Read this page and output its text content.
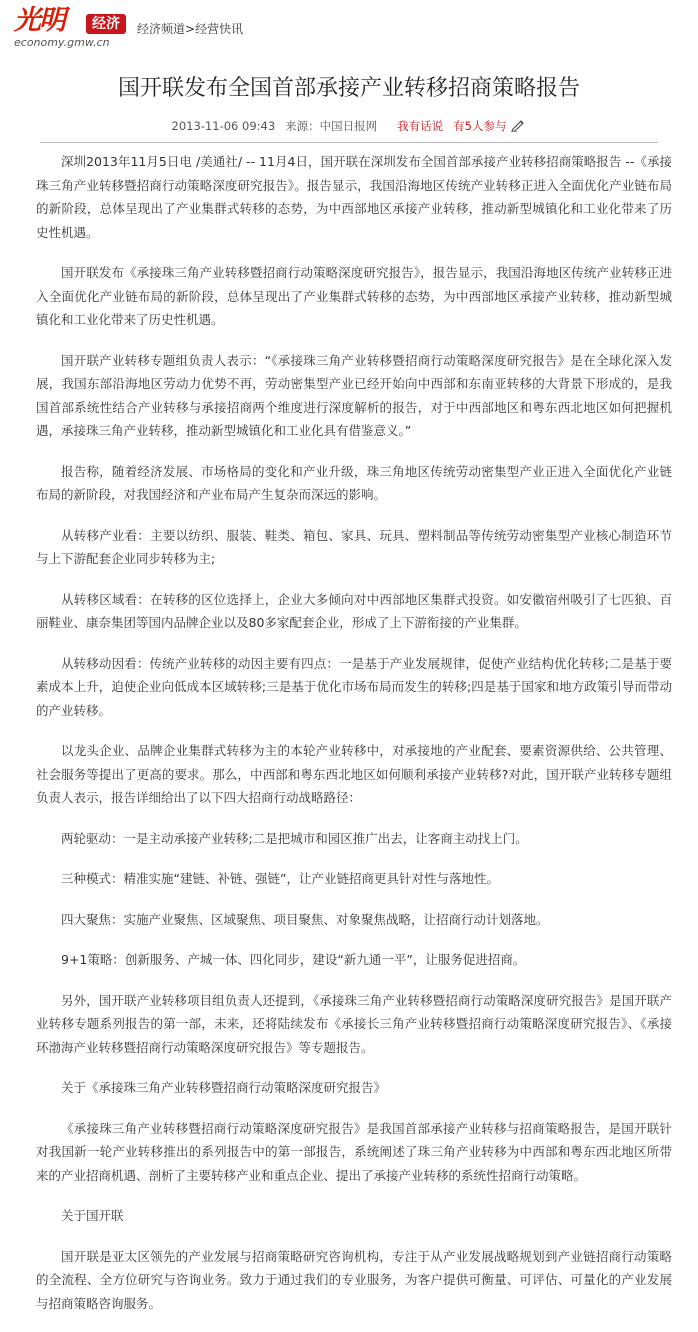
光明	经济
economy.gmw.cn
经济频道>经营快讯
国开联发布全国首部承接产业转移招商策略报告
2013-11-06 09:43 来源：中国日报网 我有话说 有5人参与

深圳2013年11月5日电 /美通社/ -- 11月4日，国开联在深圳发布全国首部承接产业转移招商策略报告 --《承接珠三角产业转移暨招商行动策略深度研究报告》。报告显示，我国沿海地区传统产业转移正进入全面优化产业链布局的新阶段，总体呈现出了产业集群式转移的态势，为中西部地区承接产业转移，推动新型城镇化和工业化带来了历史性机遇。

国开联发布《承接珠三角产业转移暨招商行动策略深度研究报告》，报告显示，我国沿海地区传统产业转移正进入全面优化产业链布局的新阶段，总体呈现出了产业集群式转移的态势，为中西部地区承接产业转移，推动新型城镇化和工业化带来了历史性机遇。

国开联产业转移专题组负责人表示：“《承接珠三角产业转移暨招商行动策略深度研究报告》是在全球化深入发展，我国东部沿海地区劳动力优势不再，劳动密集型产业已经开始向中西部和东南亚转移的大背景下形成的，是我国首部系统性结合产业转移与承接招商两个维度进行深度解析的报告，对于中西部地区和粤东西北地区如何把握机遇，承接珠三角产业转移，推动新型城镇化和工业化具有借鉴意义。”

报告称，随着经济发展、市场格局的变化和产业升级，珠三角地区传统劳动密集型产业正进入全面优化产业链布局的新阶段，对我国经济和产业布局产生复杂而深远的影响。

从转移产业看：主要以纺织、服装、鞋类、箱包、家具、玩具、塑料制品等传统劳动密集型产业核心制造环节与上下游配套企业同步转移为主;

从转移区域看：在转移的区位选择上，企业大多倾向对中西部地区集群式投资。如安徽宿州吸引了七匹狼、百丽鞋业、康奈集团等国内品牌企业以及80多家配套企业，形成了上下游衔接的产业集群。

从转移动因看：传统产业转移的动因主要有四点：一是基于产业发展规律，促使产业结构优化转移;二是基于要素成本上升，迫使企业向低成本区域转移;三是基于优化市场布局而发生的转移;四是基于国家和地方政策引导而带动的产业转移。

以龙头企业、品牌企业集群式转移为主的本轮产业转移中，对承接地的产业配套、要素资源供给、公共管理、社会服务等提出了更高的要求。那么，中西部和粤东西北地区如何顺利承接产业转移?对此，国开联产业转移专题组负责人表示，报告详细给出了以下四大招商行动战略路径：

两轮驱动：一是主动承接产业转移;二是把城市和园区推广出去，让客商主动找上门。

三种模式：精准实施“建链、补链、强链”，让产业链招商更具针对性与落地性。

四大聚焦：实施产业聚焦、区域聚焦、项目聚焦、对象聚焦战略，让招商行动计划落地。

9+1策略：创新服务、产城一体、四化同步，建设“新九通一平”，让服务促进招商。

另外，国开联产业转移项目组负责人还提到，《承接珠三角产业转移暨招商行动策略深度研究报告》是国开联产业转移专题系列报告的第一部，未来，还将陆续发布《承接长三角产业转移暨招商行动策略深度研究报告》、《承接环渤海产业转移暨招商行动策略深度研究报告》等专题报告。

关于《承接珠三角产业转移暨招商行动策略深度研究报告》

《承接珠三角产业转移暨招商行动策略深度研究报告》是我国首部承接产业转移与招商策略报告，是国开联针对我国新一轮产业转移推出的系列报告中的第一部报告，系统阐述了珠三角产业转移为中西部和粤东西北地区所带来的产业招商机遇、剖析了主要转移产业和重点企业、提出了承接产业转移的系统性招商行动策略。

关于国开联

国开联是亚太区领先的产业发展与招商策略研究咨询机构，专注于从产业发展战略规划到产业链招商行动策略的全流程、全方位研究与咨询业务。致力于通过我们的专业服务，为客户提供可衡量、可评估、可量化的产业发展与招商策略咨询服务。
